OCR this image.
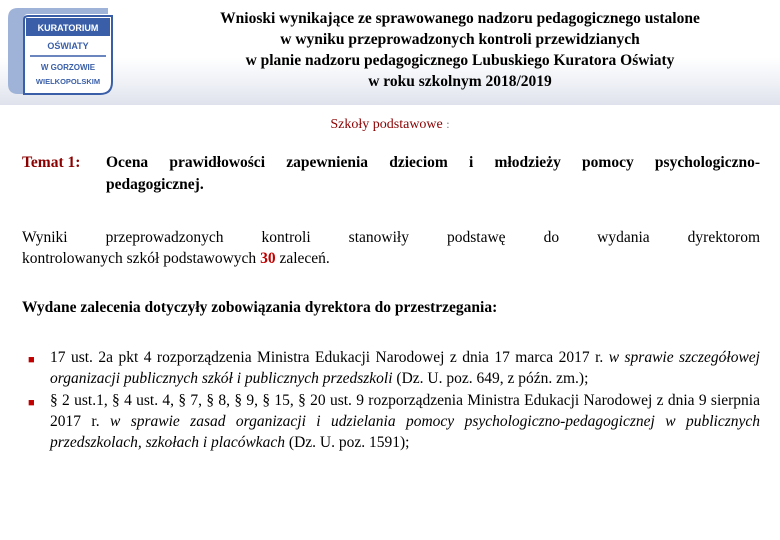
KURATORIUM
OŚWIATY
W GORZOWIE
WIELKOPOLSKIM
Wnioski wynikające ze sprawowanego nadzoru pedagogicznego ustalone
w wyniku przeprowadzonych kontroli przewidzianych
w planie nadzoru pedagogicznego Lubuskiego Kuratora Oświaty
w roku szkolnym 2018/2019
Szkoły podstawowe :
Temat 1:	Ocena prawidłowości zapewnienia dzieciom i młodzieży pomocy psychologiczno-
pedagogicznej.
Wyniki przeprowadzonych kontroli stanowiły podstawę do wydania dyrektorom
kontrolowanych szkół podstawowych 30 zaleceń.
Wydane zalecenia dotyczyły zobowiązania dyrektora do przestrzegania:
■ 17 ust. 2a pkt 4 rozporządzenia Ministra Edukacji Narodowej z dnia 17 marca 2017 r. w sprawie szczegółowej organizacji publicznych szkół i publicznych przedszkoli (Dz. U. poz. 649, z późn. zm.);
■ § 2 ust.1, § 4 ust. 4, § 7, § 8, § 9, § 15, § 20 ust. 9 rozporządzenia Ministra Edukacji Narodowej z dnia 9 sierpnia 2017 r. w sprawie zasad organizacji i udzielania pomocy psychologiczno-pedagogicznej w publicznych przedszkolach, szkołach i placówkach (Dz. U. poz. 1591);
